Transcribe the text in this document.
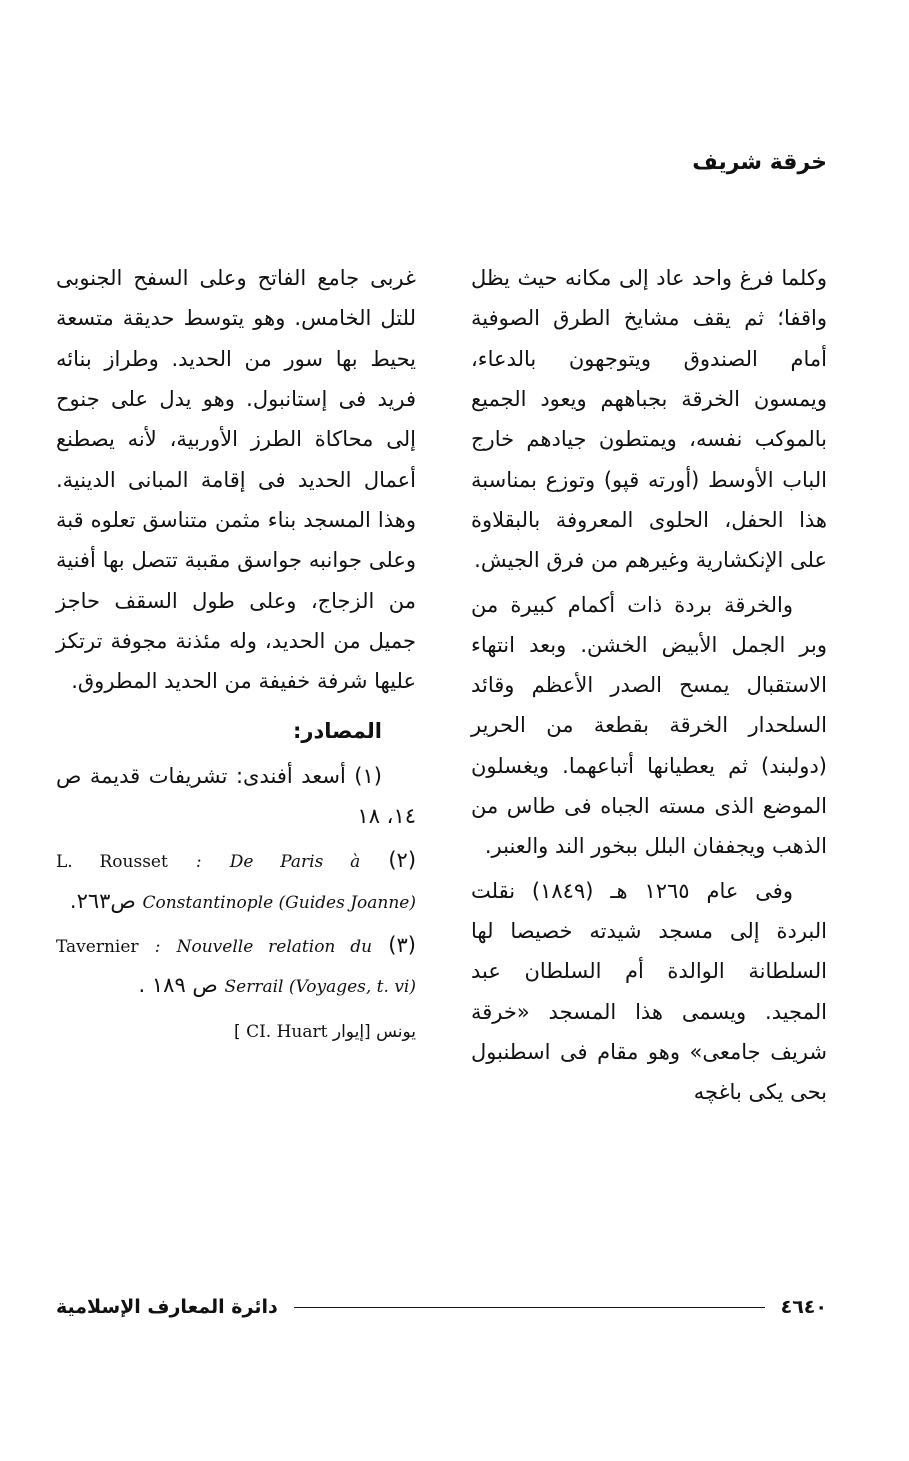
خرقة شريف

وكلما فرغ واحد عاد إلى مكانه حيث يظل واقفا؛ ثم يقف مشايخ الطرق الصوفية أمام الصندوق ويتوجهون بالدعاء، ويمسون الخرقة بجباههم ويعود الجميع بالموكب نفسه، ويمتطون جيادهم خارج الباب الأوسط (أورته قپو) وتوزع بمناسبة هذا الحفل، الحلوى المعروفة بالبقلاوة على الإنكشارية وغيرهم من فرق الجيش.

والخرقة بردة ذات أكمام كبيرة من وبر الجمل الأبيض الخشن. وبعد انتهاء الاستقبال يمسح الصدر الأعظم وقائد السلحدار الخرقة بقطعة من الحرير (دولبند) ثم يعطيانها أتباعهما. ويغسلون الموضع الذى مسته الجباه فى طاس من الذهب ويجففان البلل ببخور الند والعنبر.

وفى عام ١٢٦٥ هـ (١٨٤٩) نقلت البردة إلى مسجد شيدته خصيصا لها السلطانة الوالدة أم السلطان عبد المجيد. ويسمى هذا المسجد «خرقة شريف جامعى» وهو مقام فى اسطنبول بحى يكى باغچه

غربى جامع الفاتح وعلى السفح الجنوبى للتل الخامس. وهو يتوسط حديقة متسعة يحيط بها سور من الحديد. وطراز بنائه فريد فى إستانبول. وهو يدل على جنوح إلى محاكاة الطرز الأوربية، لأنه يصطنع أعمال الحديد فى إقامة المبانى الدينية. وهذا المسجد بناء مثمن متناسق تعلوه قبة وعلى جوانبه جواسق مقببة تتصل بها أفنية من الزجاج، وعلى طول السقف حاجز جميل من الحديد، وله مئذنة مجوفة ترتكز عليها شرفة خفيفة من الحديد المطروق.

المصادر:

(١) أسعد أفندى: تشريفات قديمة ص ١٤، ١٨

(٢) L. Rousset : De Paris à Constantinople (Guides Joanne) ص٢٦٣.

(٣) Tavernier : Nouvelle relation du Serrail (Voyages, t. vi) ص ١٨٩ .

يونس [إيوار CI. Huart ]

دائرة المعارف الإسلامية	٤٦٤٠
